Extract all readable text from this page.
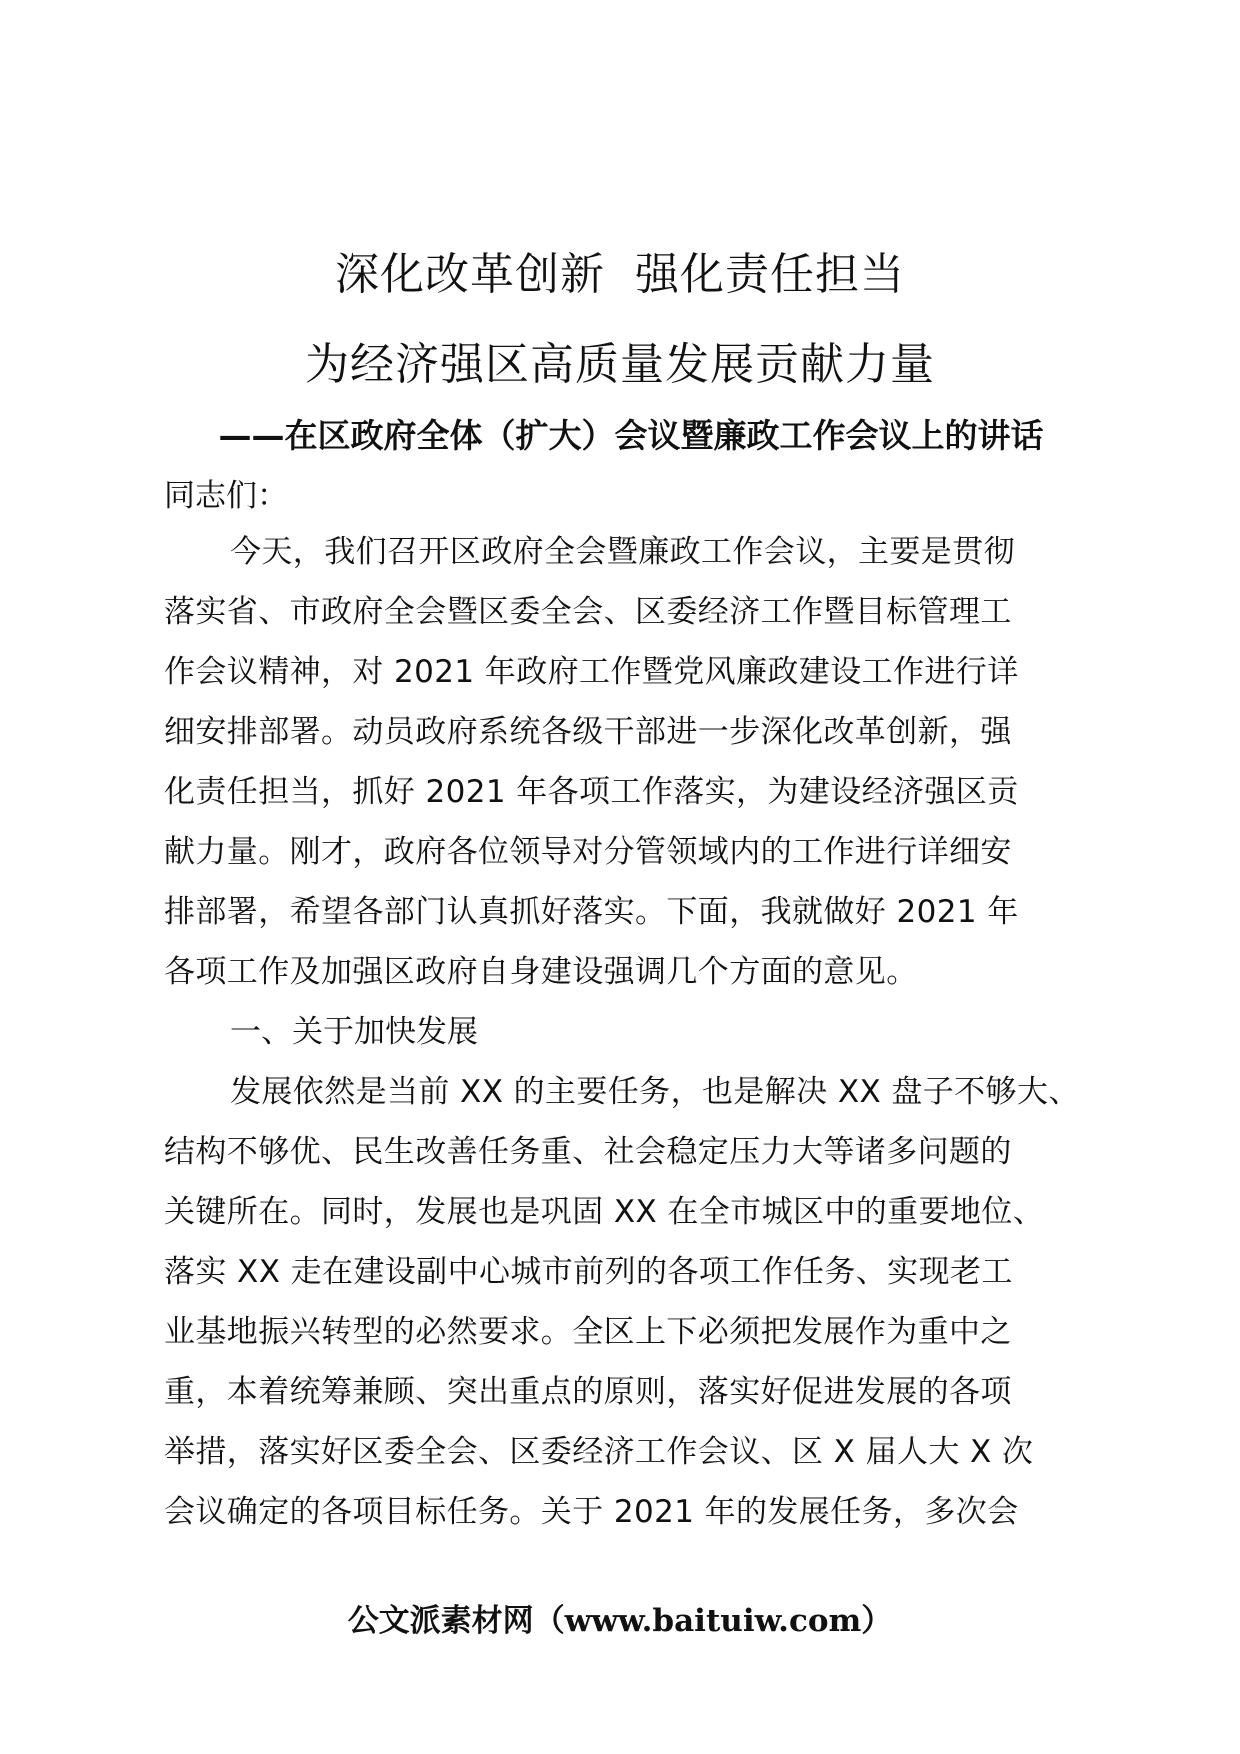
深化改革创新  强化责任担当
为经济强区高质量发展贡献力量
——在区政府全体（扩大）会议暨廉政工作会议上的讲话
同志们：
今天，我们召开区政府全会暨廉政工作会议，主要是贯彻
落实省、市政府全会暨区委全会、区委经济工作暨目标管理工
作会议精神，对 2021 年政府工作暨党风廉政建设工作进行详
细安排部署。动员政府系统各级干部进一步深化改革创新，强
化责任担当，抓好 2021 年各项工作落实，为建设经济强区贡
献力量。刚才，政府各位领导对分管领域内的工作进行详细安
排部署，希望各部门认真抓好落实。下面，我就做好 2021 年
各项工作及加强区政府自身建设强调几个方面的意见。
一、关于加快发展
发展依然是当前 XX 的主要任务，也是解决 XX 盘子不够大、
结构不够优、民生改善任务重、社会稳定压力大等诸多问题的
关键所在。同时，发展也是巩固 XX 在全市城区中的重要地位、
落实 XX 走在建设副中心城市前列的各项工作任务、实现老工
业基地振兴转型的必然要求。全区上下必须把发展作为重中之
重，本着统筹兼顾、突出重点的原则，落实好促进发展的各项
举措，落实好区委全会、区委经济工作会议、区 X 届人大 X 次
会议确定的各项目标任务。关于 2021 年的发展任务，多次会
公文派素材网（www.baituiw.com）
